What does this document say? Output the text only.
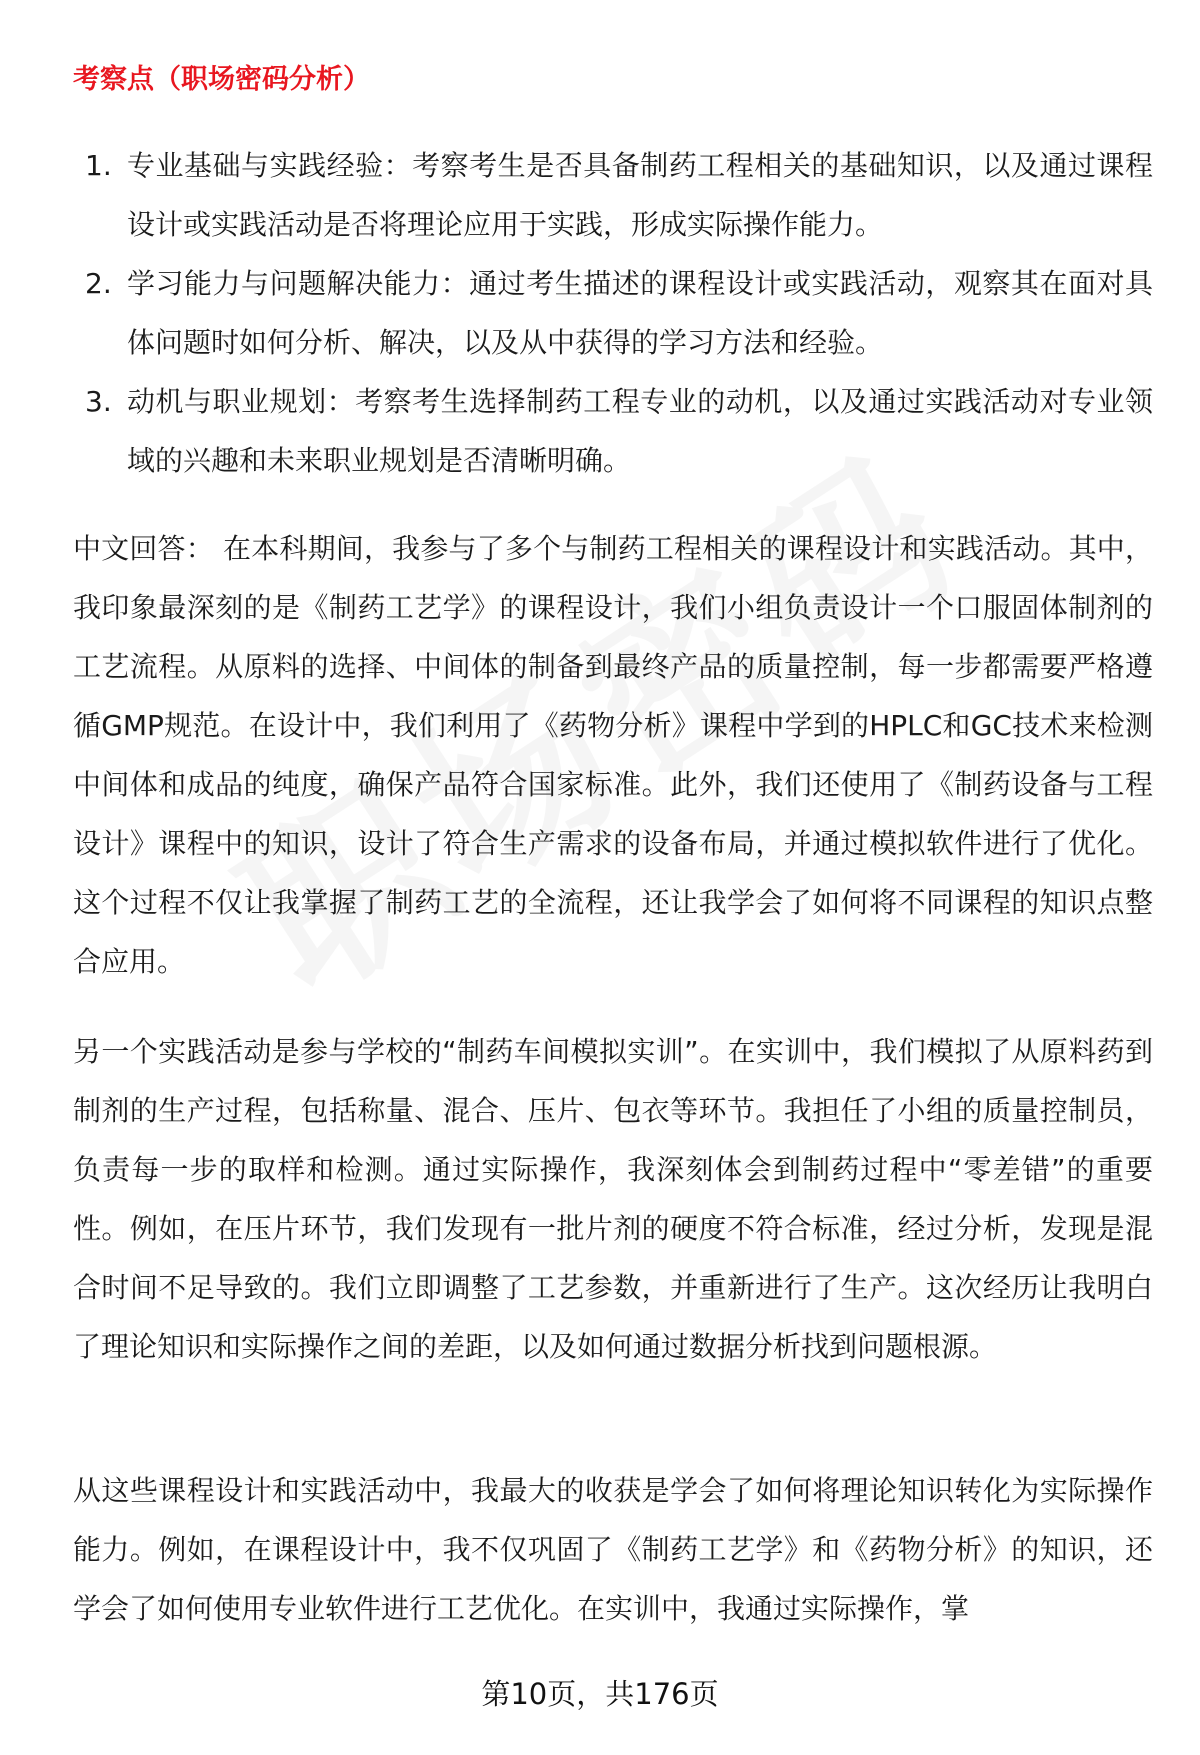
考察点（职场密码分析）
1. 专业基础与实践经验：考察考生是否具备制药工程相关的基础知识，以及通过课程设计或实践活动是否将理论应用于实践，形成实际操作能力。
2. 学习能力与问题解决能力：通过考生描述的课程设计或实践活动，观察其在面对具体问题时如何分析、解决，以及从中获得的学习方法和经验。
3. 动机与职业规划：考察考生选择制药工程专业的动机，以及通过实践活动对专业领域的兴趣和未来职业规划是否清晰明确。

中文回答： 在本科期间，我参与了多个与制药工程相关的课程设计和实践活动。其中，我印象最深刻的是《制药工艺学》的课程设计，我们小组负责设计一个口服固体制剂的工艺流程。从原料的选择、中间体的制备到最终产品的质量控制，每一步都需要严格遵循GMP规范。在设计中，我们利用了《药物分析》课程中学到的HPLC和GC技术来检测中间体和成品的纯度，确保产品符合国家标准。此外，我们还使用了《制药设备与工程设计》课程中的知识，设计了符合生产需求的设备布局，并通过模拟软件进行了优化。这个过程不仅让我掌握了制药工艺的全流程，还让我学会了如何将不同课程的知识点整合应用。

另一个实践活动是参与学校的“制药车间模拟实训”。在实训中，我们模拟了从原料药到制剂的生产过程，包括称量、混合、压片、包衣等环节。我担任了小组的质量控制员，负责每一步的取样和检测。通过实际操作，我深刻体会到制药过程中“零差错”的重要性。例如，在压片环节，我们发现有一批片剂的硬度不符合标准，经过分析，发现是混合时间不足导致的。我们立即调整了工艺参数，并重新进行了生产。这次经历让我明白了理论知识和实际操作之间的差距，以及如何通过数据分析找到问题根源。

从这些课程设计和实践活动中，我最大的收获是学会了如何将理论知识转化为实际操作能力。例如，在课程设计中，我不仅巩固了《制药工艺学》和《药物分析》的知识，还学会了如何使用专业软件进行工艺优化。在实训中，我通过实际操作，掌

第10页，共176页
